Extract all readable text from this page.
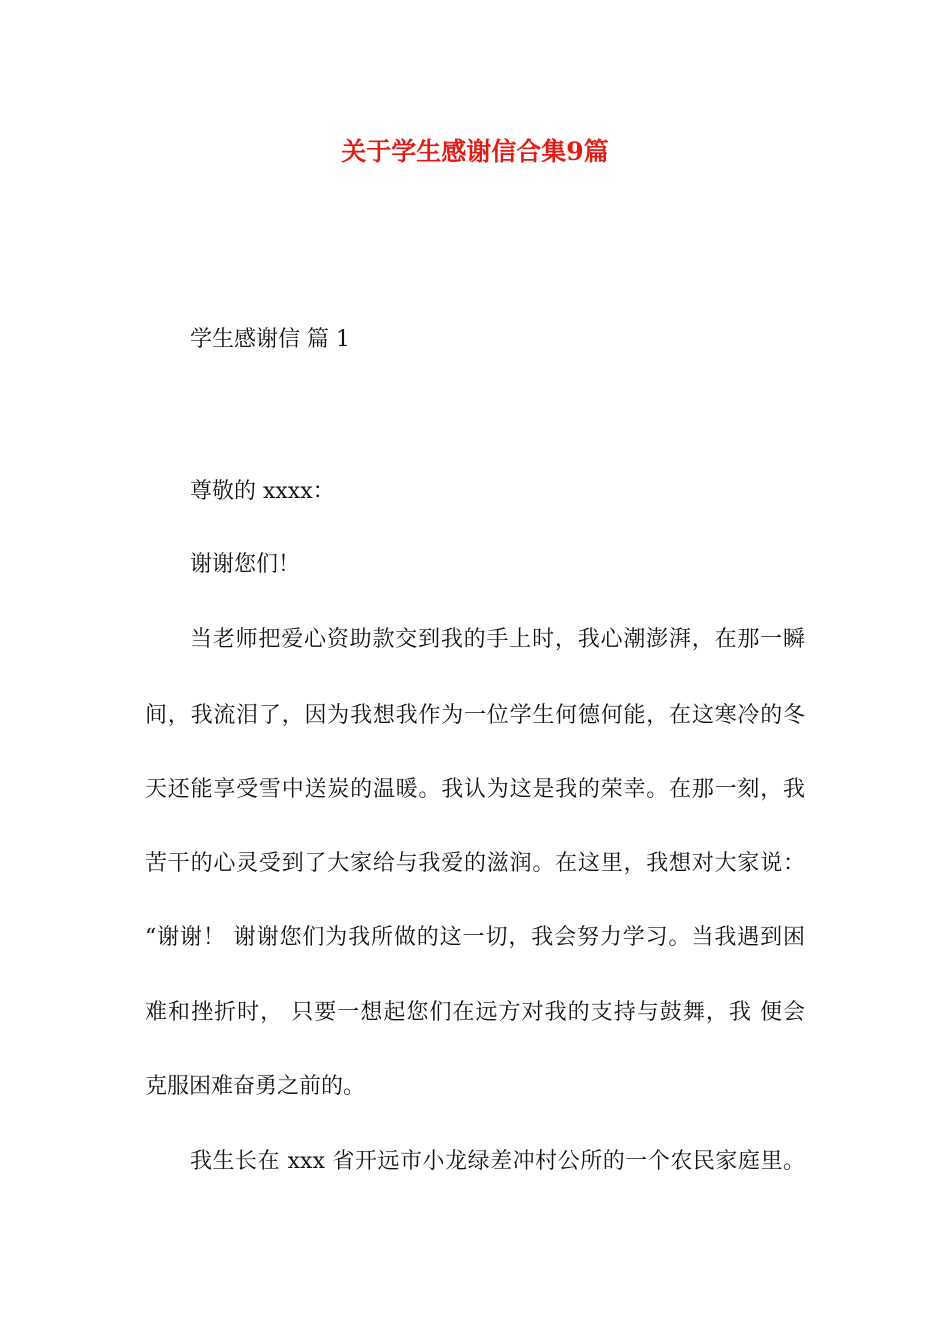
关于学生感谢信合集9篇
学生感谢信 篇 1
尊敬的 xxxx：
谢谢您们！
当老师把爱心资助款交到我的手上时，我心潮澎湃，在那一瞬
间，我流泪了，因为我想我作为一位学生何德何能，在这寒冷的冬
天还能享受雪中送炭的温暖。我认为这是我的荣幸。在那一刻，我
苦干的心灵受到了大家给与我爱的滋润。在这里，我想对大家说：
“谢谢！ 谢谢您们为我所做的这一切，我会努力学习。当我遇到困
难和挫折时， 只要一想起您们在远方对我的支持与鼓舞，我 便会
克服困难奋勇之前的。
我生长在 xxx 省开远市小龙绿差冲村公所的一个农民家庭里。
